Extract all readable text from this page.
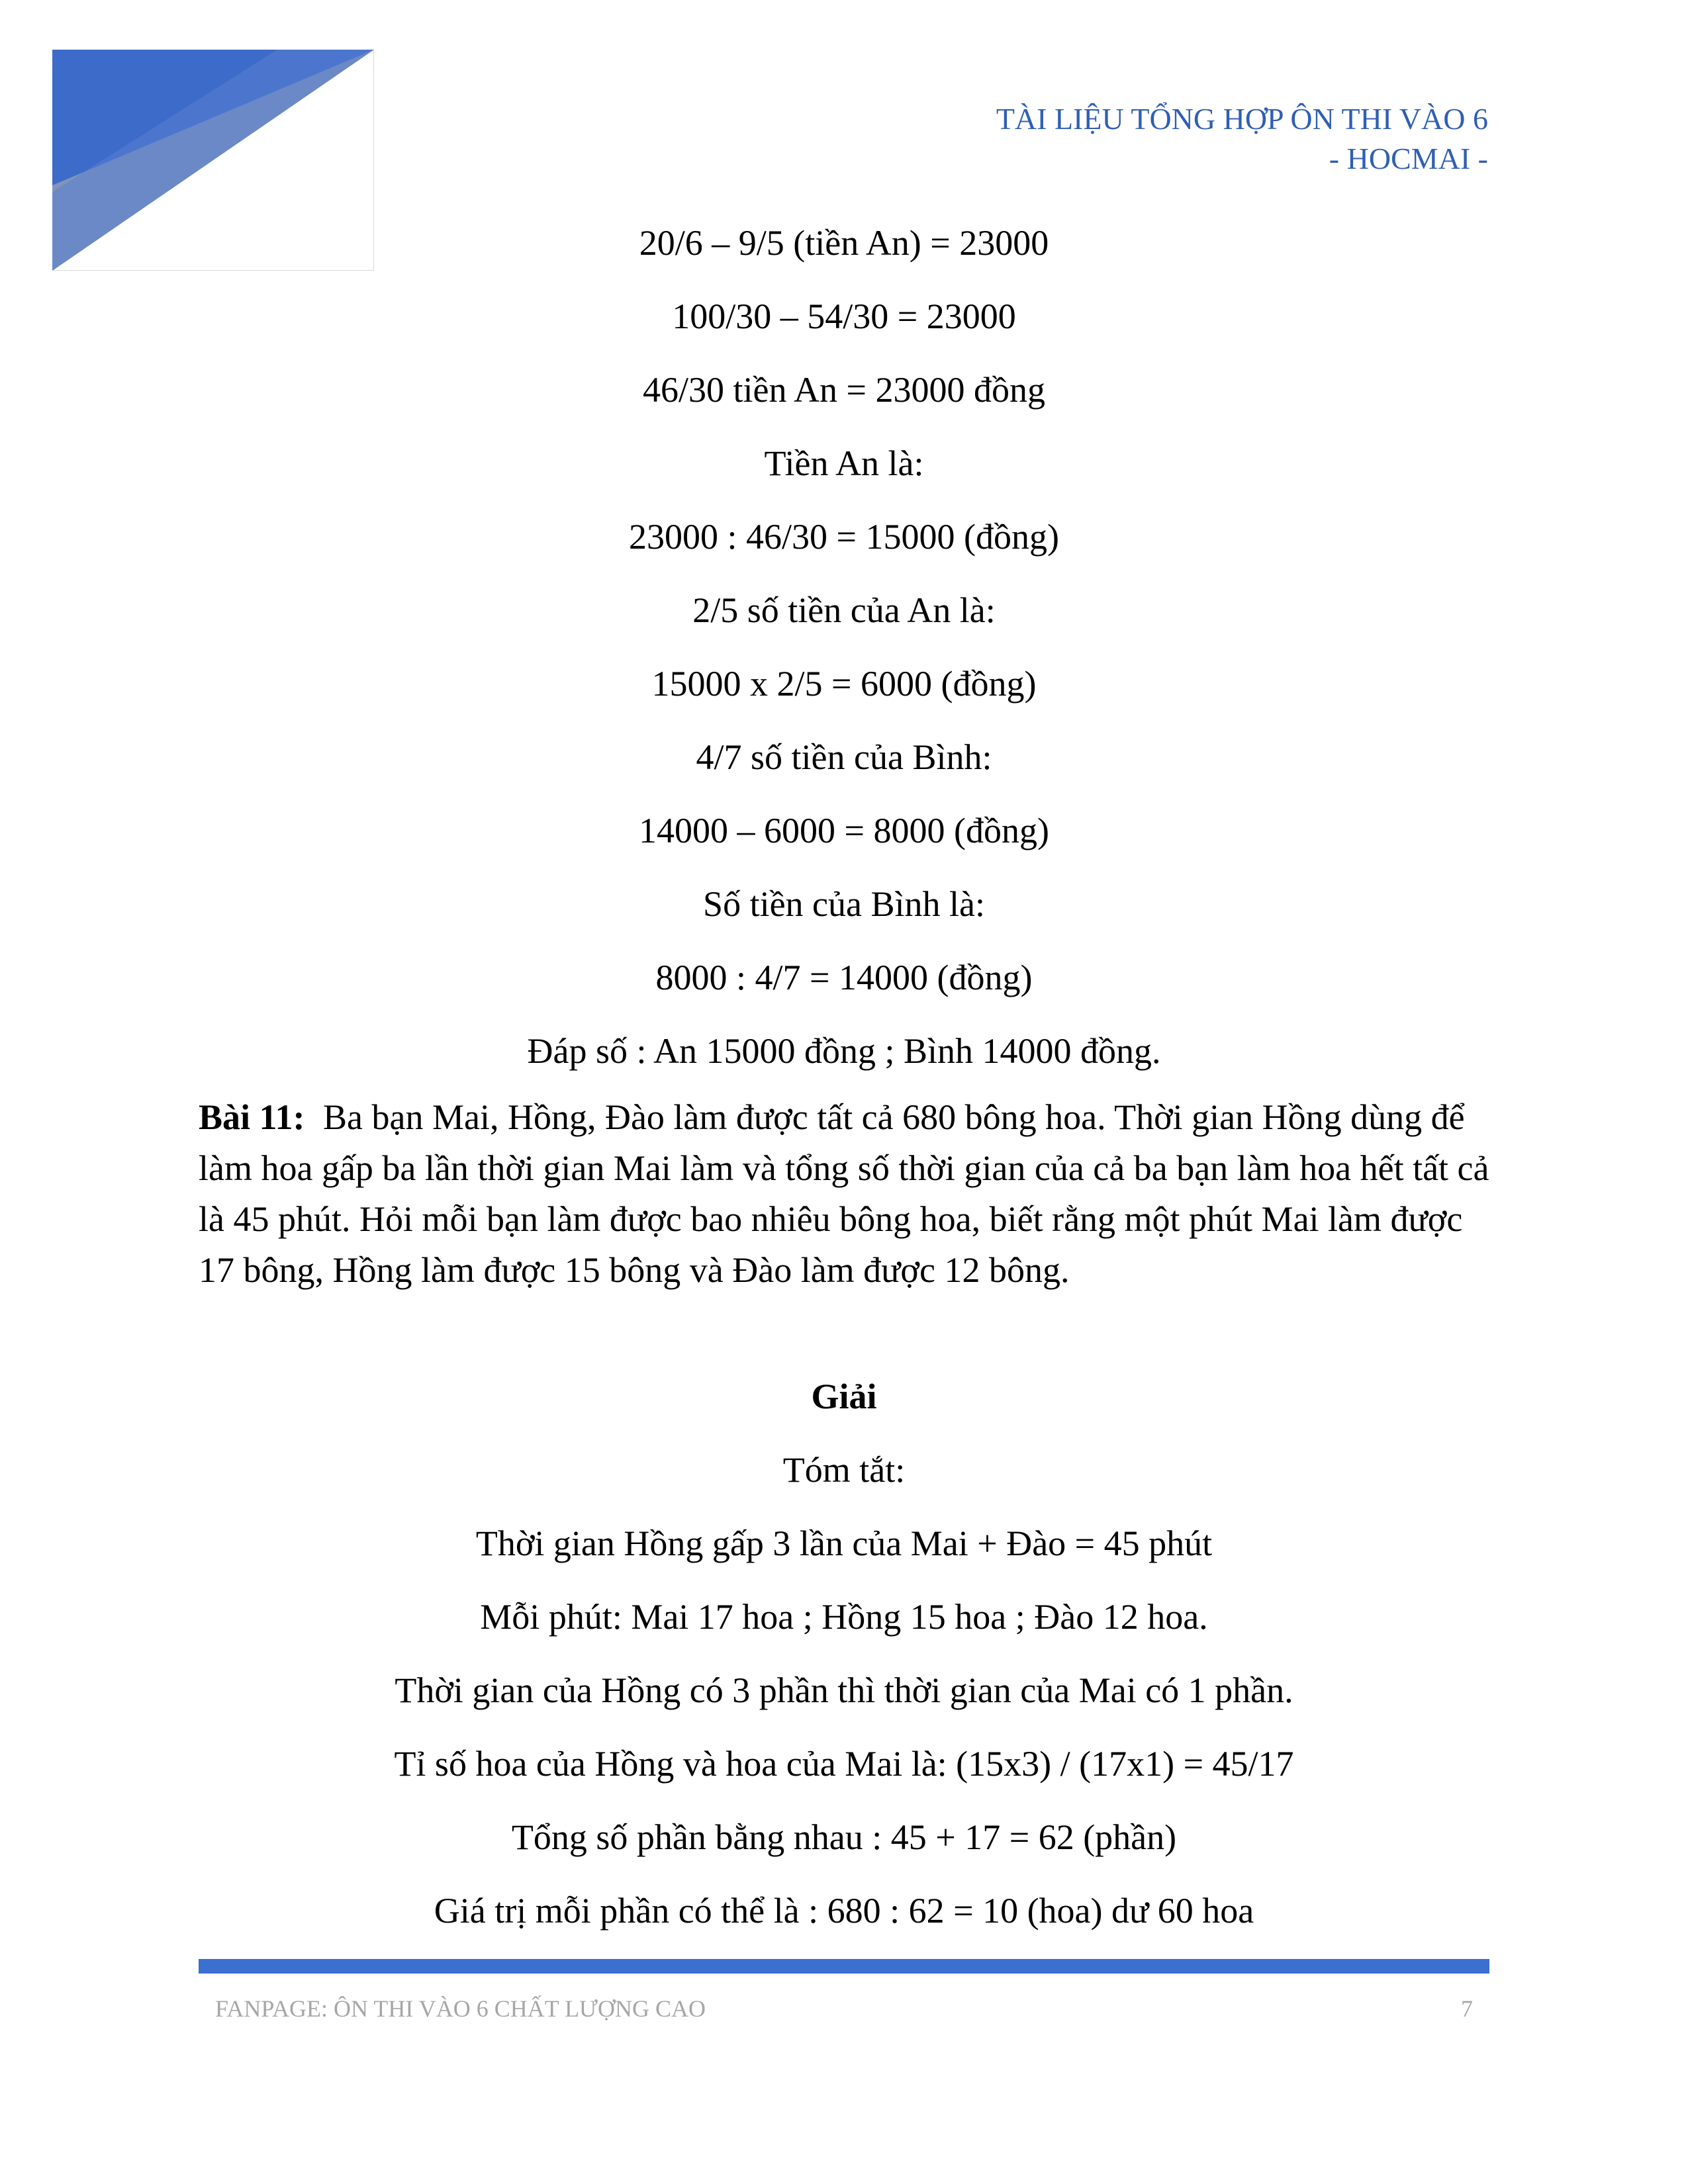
TÀI LIỆU TỔNG HỢP ÔN THI VÀO 6
- HOCMAI -
20/6 – 9/5 (tiền An) = 23000
100/30 – 54/30 = 23000
46/30 tiền An = 23000 đồng
Tiền An là:
23000 : 46/30 = 15000 (đồng)
2/5 số tiền của An là:
15000 x 2/5 = 6000 (đồng)
4/7 số tiền của Bình:
14000 – 6000 = 8000 (đồng)
Số tiền của Bình là:
8000 : 4/7 = 14000 (đồng)
Đáp số : An 15000 đồng ; Bình 14000 đồng.
Bài 11: Ba bạn Mai, Hồng, Đào làm được tất cả 680 bông hoa. Thời gian Hồng dùng để làm hoa gấp ba lần thời gian Mai làm và tổng số thời gian của cả ba bạn làm hoa hết tất cả là 45 phút. Hỏi mỗi bạn làm được bao nhiêu bông hoa, biết rằng một phút Mai làm được 17 bông, Hồng làm được 15 bông và Đào làm được 12 bông.
Giải
Tóm tắt:
Thời gian Hồng gấp 3 lần của Mai + Đào = 45 phút
Mỗi phút: Mai 17 hoa ; Hồng 15 hoa ; Đào 12 hoa.
Thời gian của Hồng có 3 phần thì thời gian của Mai có 1 phần.
Tỉ số hoa của Hồng và hoa của Mai là: (15x3) / (17x1) = 45/17
Tổng số phần bằng nhau : 45 + 17 = 62 (phần)
Giá trị mỗi phần có thể là : 680 : 62 = 10 (hoa) dư 60 hoa
FANPAGE: ÔN THI VÀO 6 CHẤT LƯỢNG CAO	7
